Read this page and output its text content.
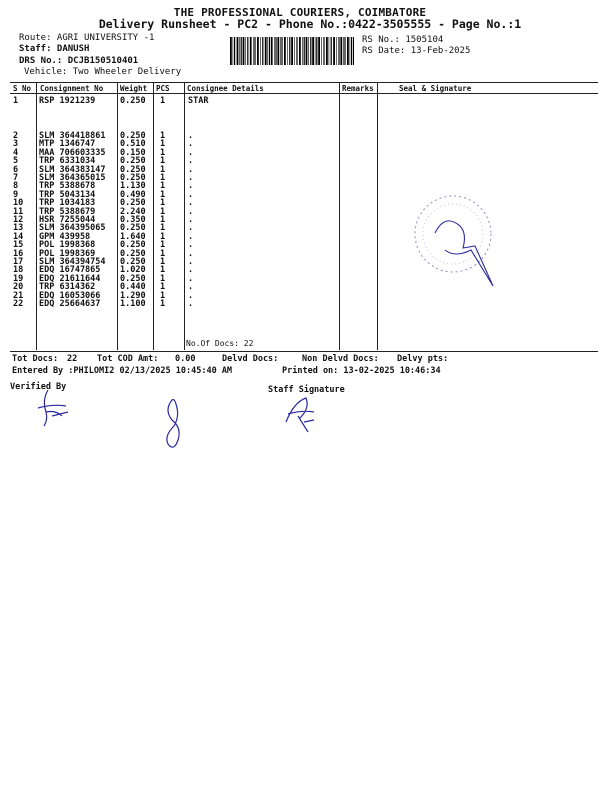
THE PROFESSIONAL COURIERS, COIMBATORE
Delivery Runsheet - PC2 - Phone No.:0422-3505555 - Page No.:1
Route: AGRI UNIVERSITY -1
Staff: DANUSH
DRS No.: DCJB150510401
Vehicle: Two Wheeler Delivery
RS No.: 1505104
RS Date: 13-Feb-2025
S No Consignment No Weight PCS Consignee Details	Remarks	Seal & Signature
1 RSP 1921239	0.250 1	STAR
2 SLM 364418861 0.250 1	.
3 MTP 1346747	0.510 1	.
4 MAA 706603335 0.150 1	.
5 TRP 6331034	0.250 1	.
6 SLM 364383147 0.250 1	.
7 SLM 364365015 0.250 1	.
8 TRP 5388678	1.130 1	.
9 TRP 5043134	0.490 1	.
10 TRP 1034183	0.250 1	.
11 TRP 5388679	2.240 1	.
12 HSR 7255044	0.350 1	.
13 SLM 364395065 0.250 1	.
14 GPM 439958	1.640 1	.
15 POL 1998368	0.250 1	.
16 POL 1998369	0.250 1	.
17 SLM 364394754 0.250 1	.
18 EDQ 16747865 1.020 1	.
19 EDQ 21611644 0.250 1	.
20 TRP 6314362	0.440 1	.
21 EDQ 16053066 1.290 1	.
22 EDQ 25664637 1.100 1	.
No.Of Docs: 22
Tot Docs: 22 Tot COD Amt: 0.00	Delvd Docs:	Non Delvd Docs: Delvy pts:
Entered By :PHILOMI2 02/13/2025 10:45:40 AM	Printed on: 13-02-2025 10:46:34
Verified By	Staff Signature
